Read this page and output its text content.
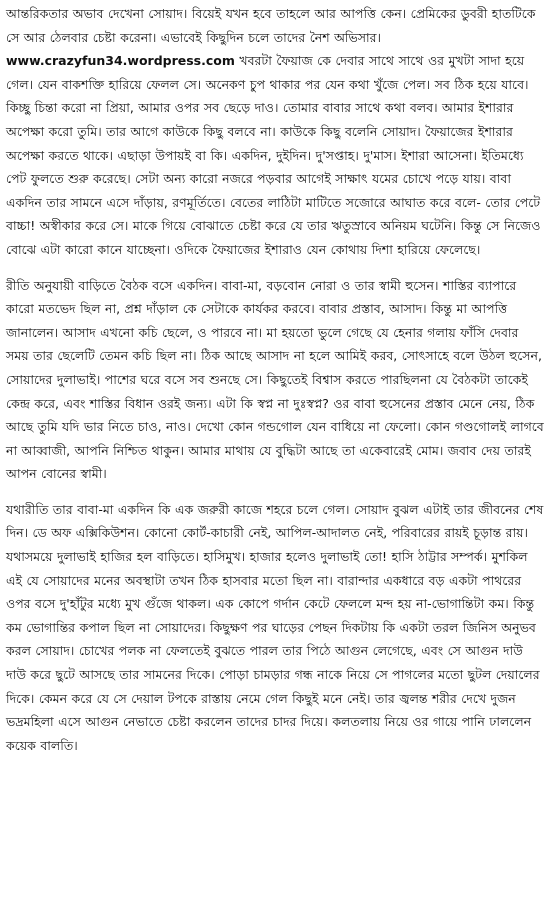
আন্তরিকতার অভাব দেখেনা সোয়াদ। বিয়েই যখন হবে তাহলে আর আপত্তি কেন। প্রেমিকের ডুবরী হাতটিকে সে আর ঠেলবার চেষ্টা করেনা। এভাবেই কিছুদিন চলে তাদের নৈশ অভিসার। www.crazyfun34.wordpress.com খবরটা ফৈয়াজ কে দেবার সাথে সাথে ওর মুখটা সাদা হয়ে গেল। যেন বাকশক্তি হারিয়ে ফেলল সে। অনেকণ চুপ থাকার পর যেন কথা খুঁজে পেল। সব ঠিক হয়ে যাবে। কিচ্ছু চিন্তা করো না প্রিয়া, আমার ওপর সব ছেড়ে দাও। তোমার বাবার সাথে কথা বলব। আমার ইশারার অপেক্ষা করো তুমি। তার আগে কাউকে কিছু বলবে না। কাউকে কিছু বলেনি সোয়াদ। ফৈয়াজের ইশারার অপেক্ষা করতে থাকে। এছাড়া উপায়ই বা কি। একদিন, দুইদিন। দু'সপ্তাহ। দু'মাস। ইশারা আসেনা। ইতিমধ্যে পেট ফুলতে শুরু করেছে। সেটা অন্য কারো নজরে পড়বার আগেই সাক্ষাৎ যমের চোখে পড়ে যায়। বাবা একদিন তার সামনে এসে দাঁড়ায়, রণমূর্তিতে। বেতের লাঠিটা মাটিতে সজোরে আঘাত করে বলে- তোর পেটে বাচ্চা! অস্বীকার করে সে। মাকে গিয়ে বোঝাতে চেষ্টা করে যে তার ঋতুস্রাবে অনিয়ম ঘটেনি। কিন্তু সে নিজেও বোঝে এটা কারো কানে যাচ্ছেনা। ওদিকে ফৈয়াজের ইশারাও যেন কোথায় দিশা হারিয়ে ফেলেছে।

রীতি অনুযায়ী বাড়িতে বৈঠক বসে একদিন। বাবা-মা, বড়বোন নোরা ও তার স্বামী হুসেন। শাস্তির ব্যাপারে কারো মতভেদ ছিল না, প্রশ্ন দাঁড়াল কে সেটাকে কার্যকর করবে। বাবার প্রস্তাব, আসাদ। কিন্তু মা আপত্তি জানালেন। আসাদ এখনো কচি ছেলে, ও পারবে না। মা হয়তো ভুলে গেছে যে হেনার গলায় ফাঁসি দেবার সময় তার ছেলেটি তেমন কচি ছিল না। ঠিক আছে আসাদ না হলে আমিই করব, সোৎসাহে বলে উঠল হুসেন, সোয়াদের দুলাভাই। পাশের ঘরে বসে সব শুনছে সে। কিছুতেই বিশ্বাস করতে পারছিলনা যে বৈঠকটা তাকেই কেন্দ্র করে, এবং শাস্তির বিধান ওরই জন্য। এটা কি স্বপ্ন না দুঃস্বপ্ন? ওর বাবা হুসেনের প্রস্তাব মেনে নেয়, ঠিক আছে তুমি যদি ভার নিতে চাও, নাও। দেখো কোন গন্ডগোল যেন বাধিয়ে না ফেলো। কোন গণ্ডগোলই লাগবে না আব্বাজী, আপনি নিশ্চিত থাকুন। আমার মাথায় যে বুদ্ধিটা আছে তা একেবারেই মোম। জবাব দেয় তারই আপন বোনের স্বামী।

যথারীতি তার বাবা-মা একদিন কি এক জরুরী কাজে শহরে চলে গেল। সোয়াদ বুঝল এটাই তার জীবনের শেষ দিন। ডে অফ এক্সিকিউশন। কোনো কোর্ট-কাচারী নেই, আপিল-আদালত নেই, পরিবারের রায়ই চূড়ান্ত রায়। যথাসময়ে দুলাভাই হাজির হল বাড়িতে। হাসিমুখ। হাজার হলেও দুলাভাই তো! হাসি ঠাট্টার সম্পর্ক। মুশকিল এই যে সোয়াদের মনের অবস্থাটা তখন ঠিক হাসবার মতো ছিল না। বারান্দার একধারে বড় একটা পাথরের ওপর বসে দু'হাঁটুর মধ্যে মুখ গুঁজে থাকল। এক কোপে গর্দান কেটে ফেললে মন্দ হয় না-ভোগান্তিটা কম। কিন্তু কম ভোগান্তির কপাল ছিল না সোয়াদের। কিছুক্ষণ পর ঘাড়ের পেছন দিকটায় কি একটা তরল জিনিস অনুভব করল সোয়াদ। চোখের পলক না ফেলতেই বুঝতে পারল তার পিঠে আগুন লেগেছে, এবং সে আগুন দাউ দাউ করে ছুটে আসছে তার সামনের দিকে। পোড়া চামড়ার গন্ধ নাকে নিয়ে সে পাগলের মতো ছুটল দেয়ালের দিকে। কেমন করে যে সে দেয়াল টপকে রাস্তায় নেমে গেল কিছুই মনে নেই। তার জ্বলন্ত শরীর দেখে দুজন ভদ্রমহিলা এসে আগুন নেভাতে চেষ্টা করলেন তাদের চাদর দিয়ে। কলতলায় নিয়ে ওর গায়ে পানি ঢাললেন কয়েক বালতি।
